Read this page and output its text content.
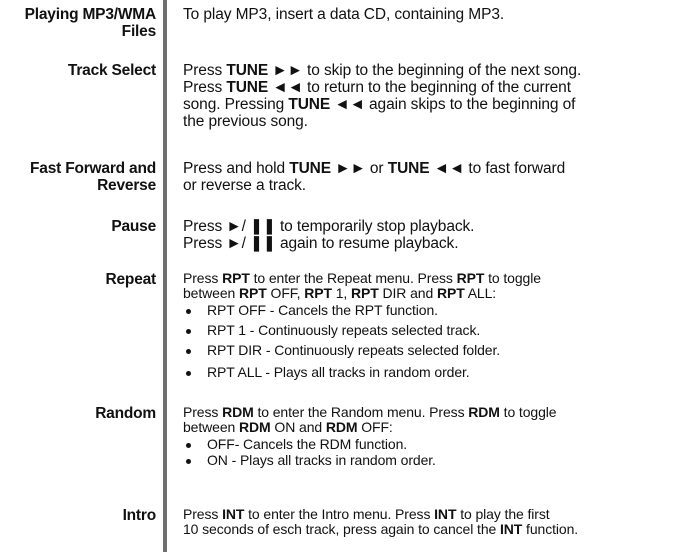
Playing MP3/WMA Files
To play MP3, insert a data CD, containing MP3.
Track Select Press TUNE ►► to skip to the beginning of the next song.
Press TUNE ◄◄ to return to the beginning of the current
song. Pressing TUNE ◄◄ again skips to the beginning of
the previous song.
Fast Forward and Reverse
Press and hold TUNE ►► or TUNE ◄◄ to fast forward
or reverse a track.
Pause Press ►/ ❚❚ to temporarily stop playback.
Press ►/ ❚❚ again to resume playback.
Repeat Press RPT to enter the Repeat menu. Press RPT to toggle
between RPT OFF, RPT 1, RPT DIR and RPT ALL:
RPT OFF - Cancels the RPT function.
RPT 1 - Continuously repeats selected track.
RPT DIR - Continuously repeats selected folder.
RPT ALL - Plays all tracks in random order.
Random Press RDM to enter the Random menu. Press RDM to toggle
between RDM ON and RDM OFF:
OFF- Cancels the RDM function.
ON - Plays all tracks in random order.
Intro Press INT to enter the Intro menu. Press INT to play the first
10 seconds of esch track, press again to cancel the INT function.
